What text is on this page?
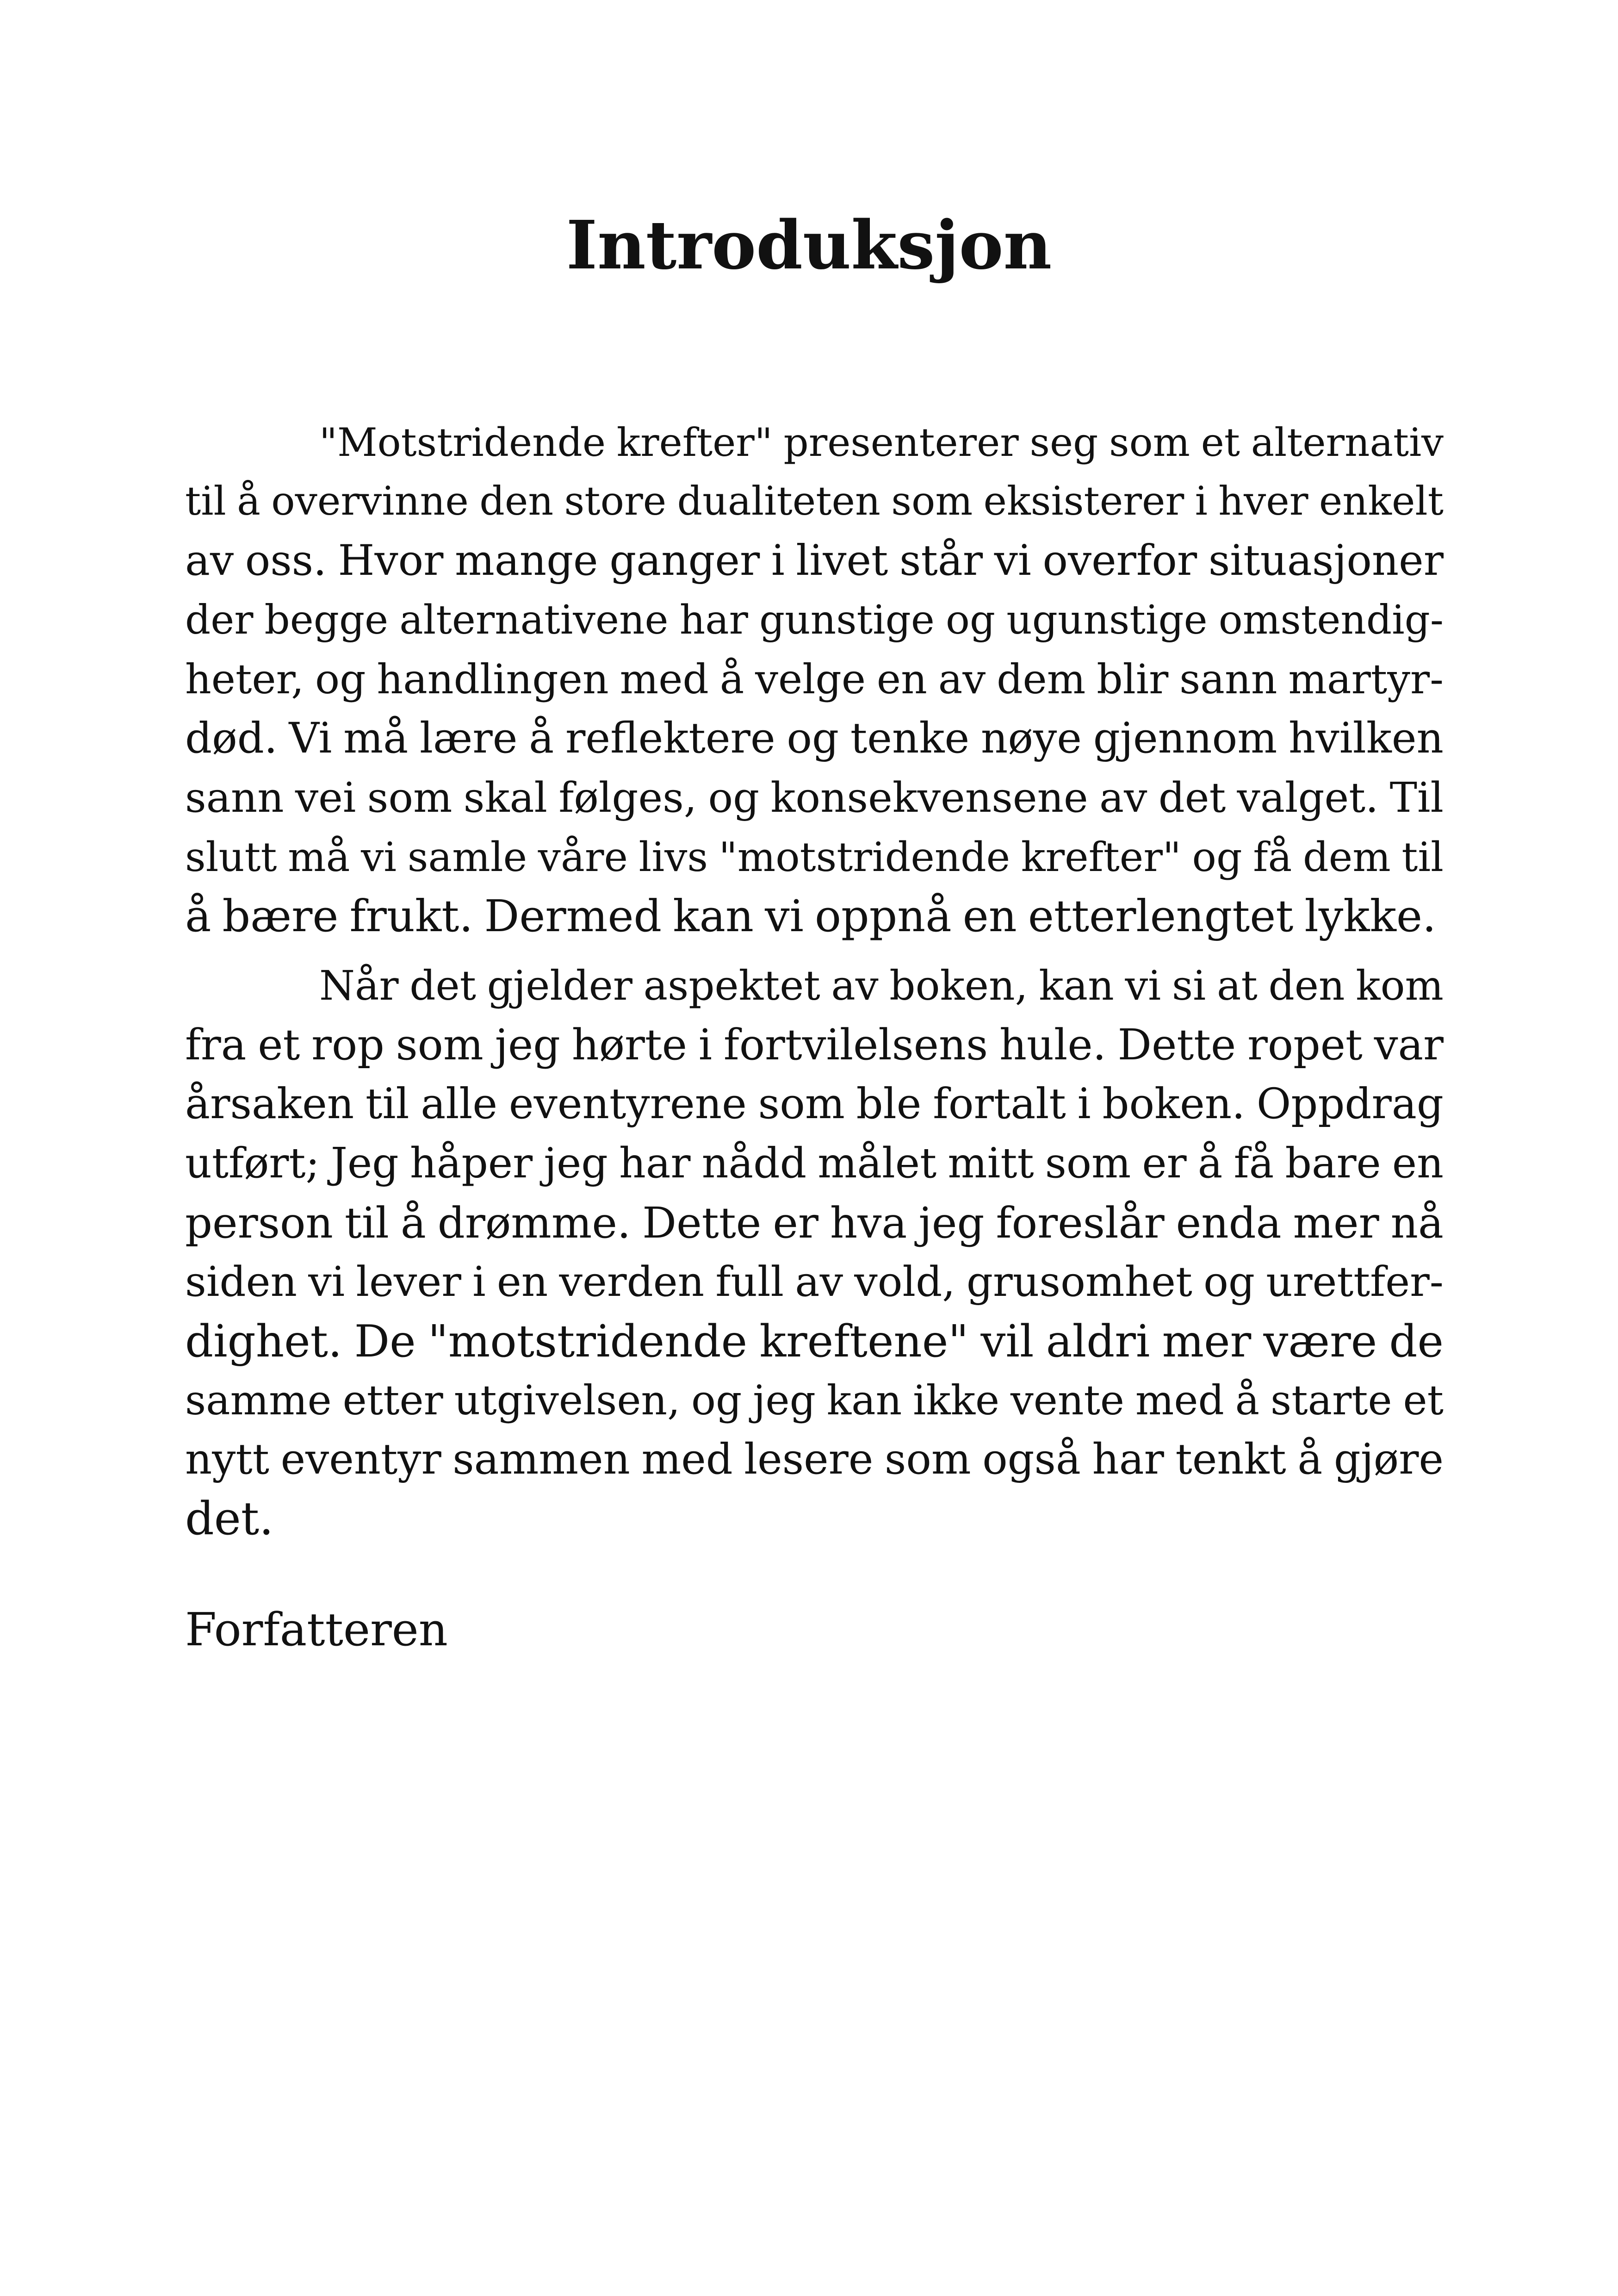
Introduksjon
"Motstridende krefter" presenterer seg som et alternativ
til å overvinne den store dualiteten som eksisterer i hver enkelt
av oss. Hvor mange ganger i livet står vi overfor situasjoner
der begge alternativene har gunstige og ugunstige omstendig-
heter, og handlingen med å velge en av dem blir sann martyr-
død. Vi må lære å reflektere og tenke nøye gjennom hvilken
sann vei som skal følges, og konsekvensene av det valget. Til
slutt må vi samle våre livs "motstridende krefter" og få dem til
å bære frukt. Dermed kan vi oppnå en etterlengtet lykke.
Når det gjelder aspektet av boken, kan vi si at den kom
fra et rop som jeg hørte i fortvilelsens hule. Dette ropet var
årsaken til alle eventyrene som ble fortalt i boken. Oppdrag
utført; Jeg håper jeg har nådd målet mitt som er å få bare en
person til å drømme. Dette er hva jeg foreslår enda mer nå
siden vi lever i en verden full av vold, grusomhet og urettfer-
dighet. De "motstridende kreftene" vil aldri mer være de
samme etter utgivelsen, og jeg kan ikke vente med å starte et
nytt eventyr sammen med lesere som også har tenkt å gjøre
det.
Forfatteren
